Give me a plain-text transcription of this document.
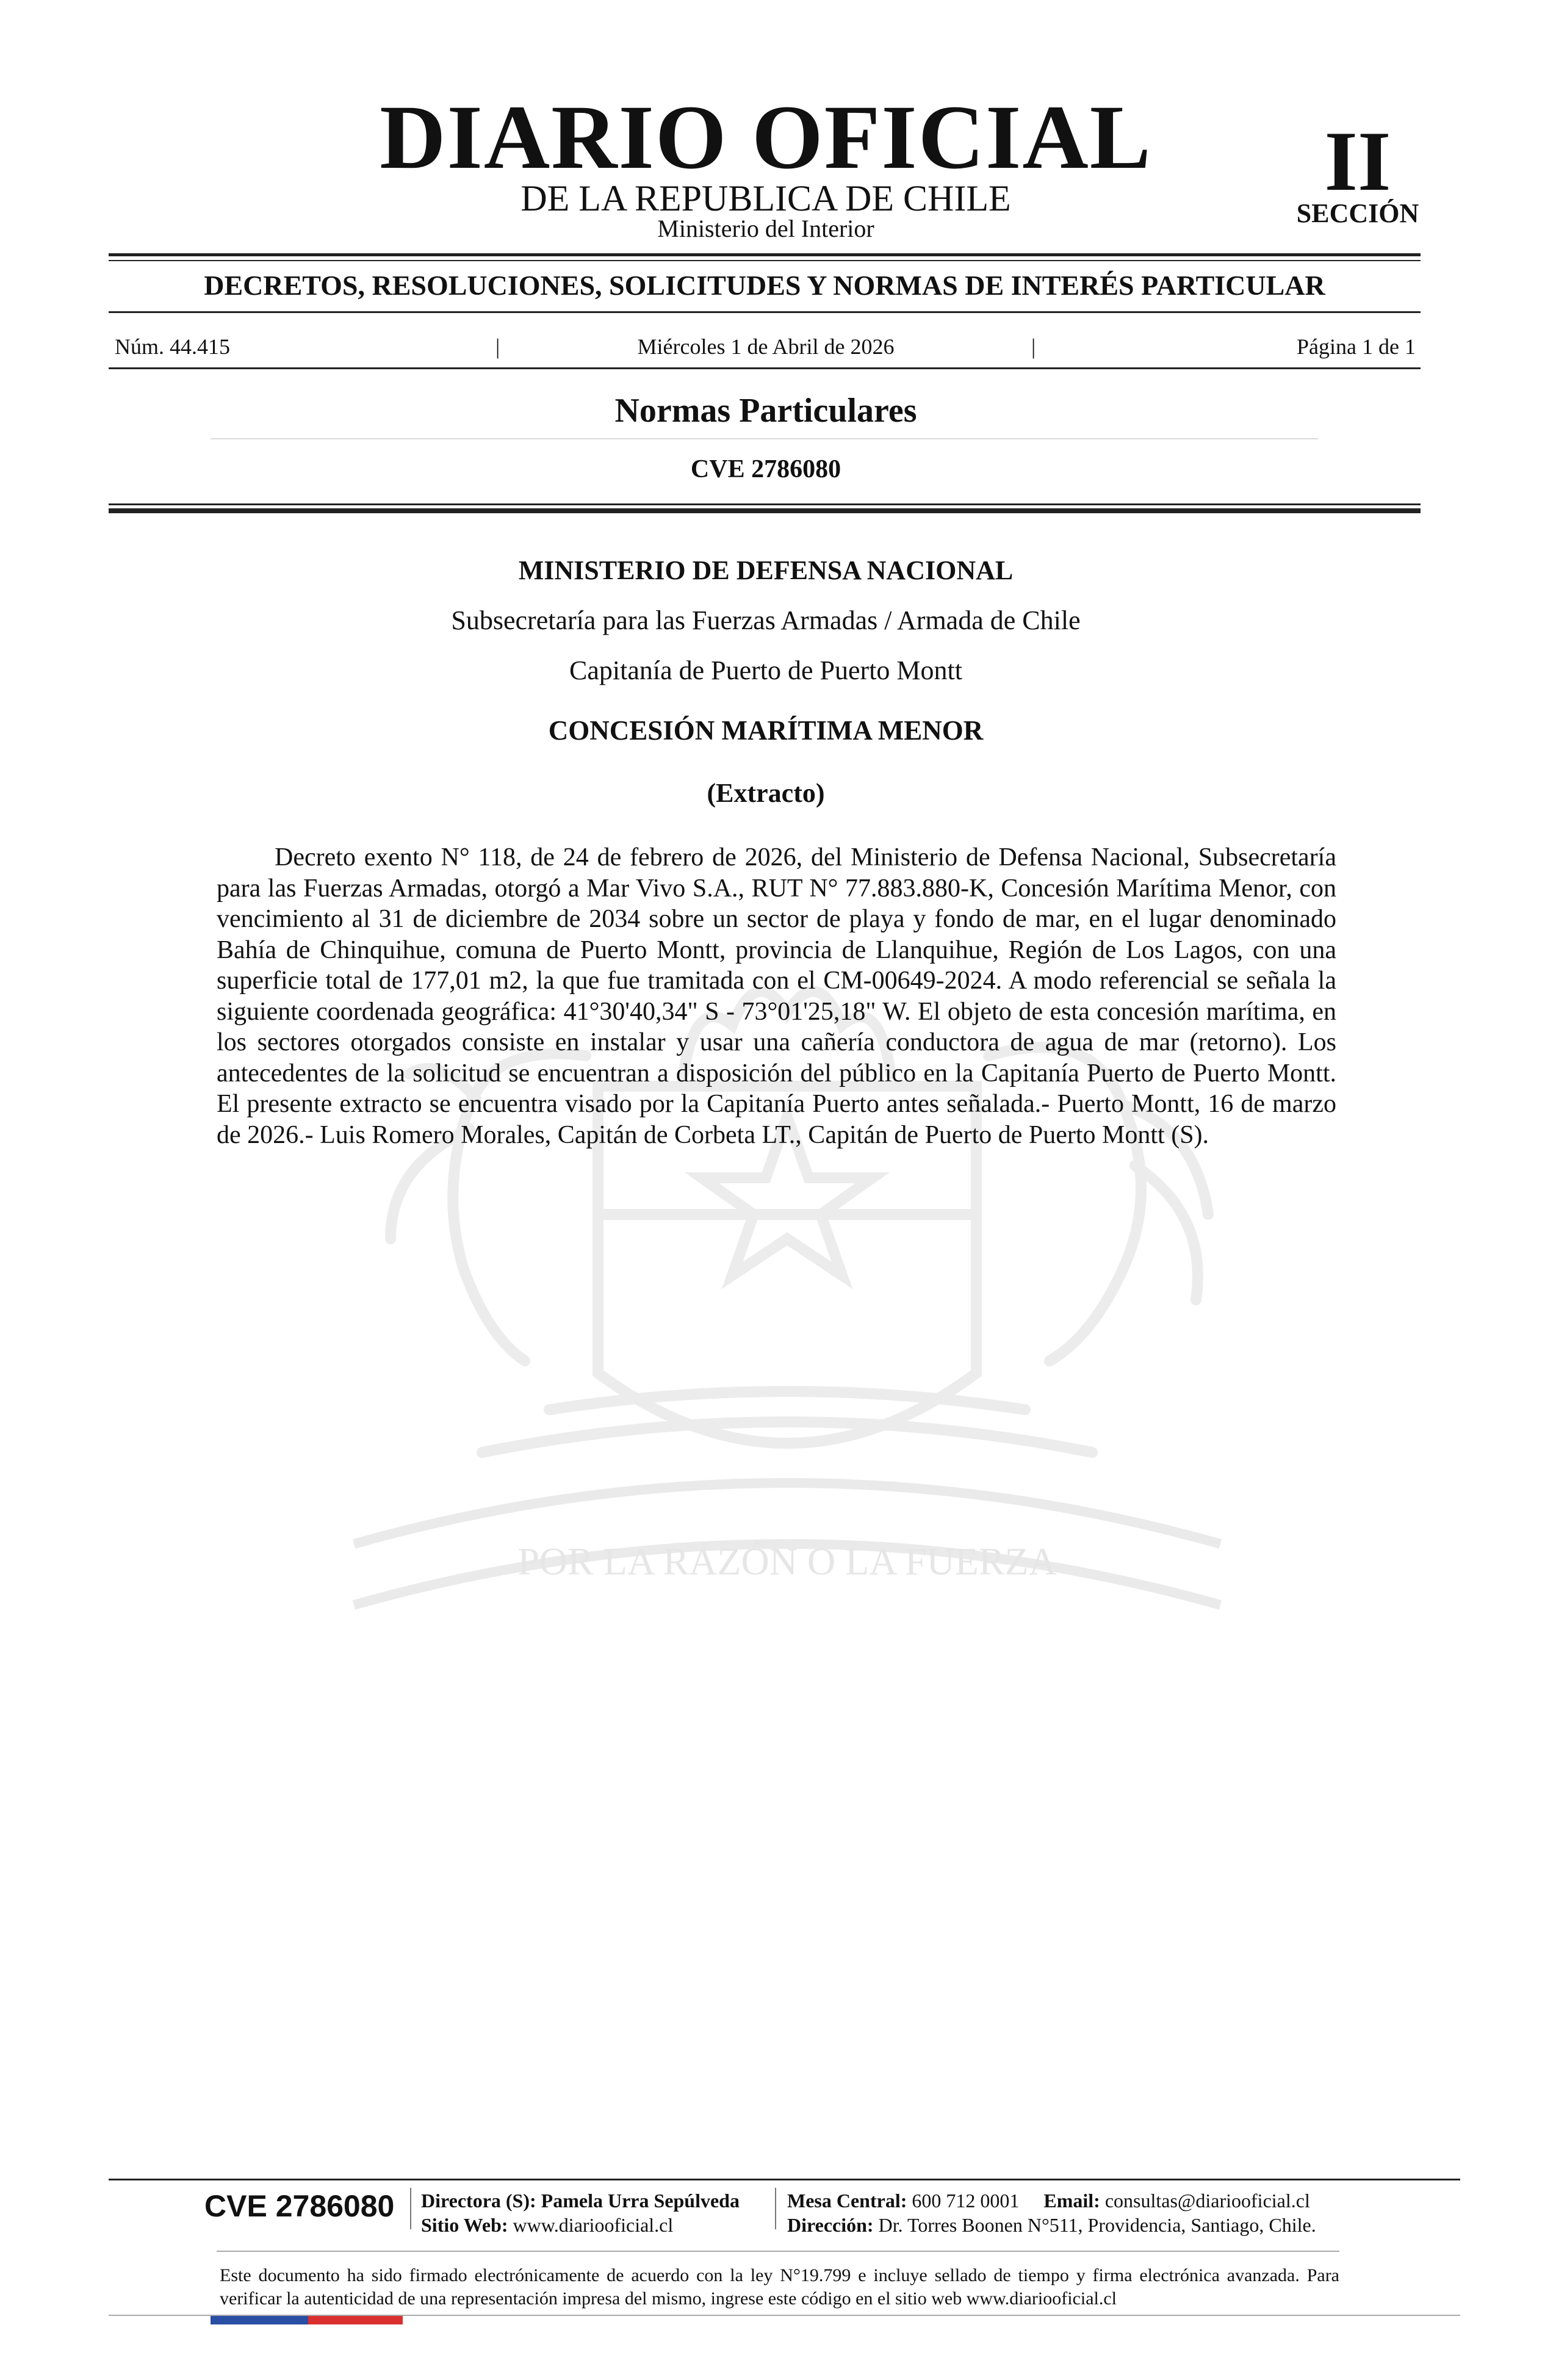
POR LA RAZÓN O LA FUERZA
DIARIO OFICIAL
DE LA REPUBLICA DE CHILE
Ministerio del Interior
II
SECCIÓN
DECRETOS, RESOLUCIONES, SOLICITUDES Y NORMAS DE INTERÉS PARTICULAR
Núm. 44.415	|	Miércoles 1 de Abril de 2026	|	Página 1 de 1
Normas Particulares
CVE 2786080
MINISTERIO DE DEFENSA NACIONAL
Subsecretaría para las Fuerzas Armadas / Armada de Chile
Capitanía de Puerto de Puerto Montt
CONCESIÓN MARÍTIMA MENOR
(Extracto)
Decreto exento N° 118, de 24 de febrero de 2026, del Ministerio de Defensa Nacional, Subsecretaría para las Fuerzas Armadas, otorgó a Mar Vivo S.A., RUT N° 77.883.880-K, Concesión Marítima Menor, con vencimiento al 31 de diciembre de 2034 sobre un sector de playa y fondo de mar, en el lugar denominado Bahía de Chinquihue, comuna de Puerto Montt, provincia de Llanquihue, Región de Los Lagos, con una superficie total de 177,01 m2, la que fue tramitada con el CM-00649-2024. A modo referencial se señala la siguiente coordenada geográfica: 41°30'40,34" S - 73°01'25,18" W. El objeto de esta concesión marítima, en los sectores otorgados consiste en instalar y usar una cañería conductora de agua de mar (retorno). Los antecedentes de la solicitud se encuentran a disposición del público en la Capitanía Puerto de Puerto Montt. El presente extracto se encuentra visado por la Capitanía Puerto antes señalada.- Puerto Montt, 16 de marzo de 2026.- Luis Romero Morales, Capitán de Corbeta LT., Capitán de Puerto de Puerto Montt (S).
CVE 2786080 Directora (S): Pamela Urra Sepúlveda
Sitio Web: www.diariooficial.cl
Mesa Central: 600 712 0001 Email: consultas@diariooficial.cl
Dirección: Dr. Torres Boonen N°511, Providencia, Santiago, Chile.
Este documento ha sido firmado electrónicamente de acuerdo con la ley N°19.799 e incluye sellado de tiempo y firma electrónica avanzada. Para verificar la autenticidad de una representación impresa del mismo, ingrese este código en el sitio web www.diariooficial.cl
